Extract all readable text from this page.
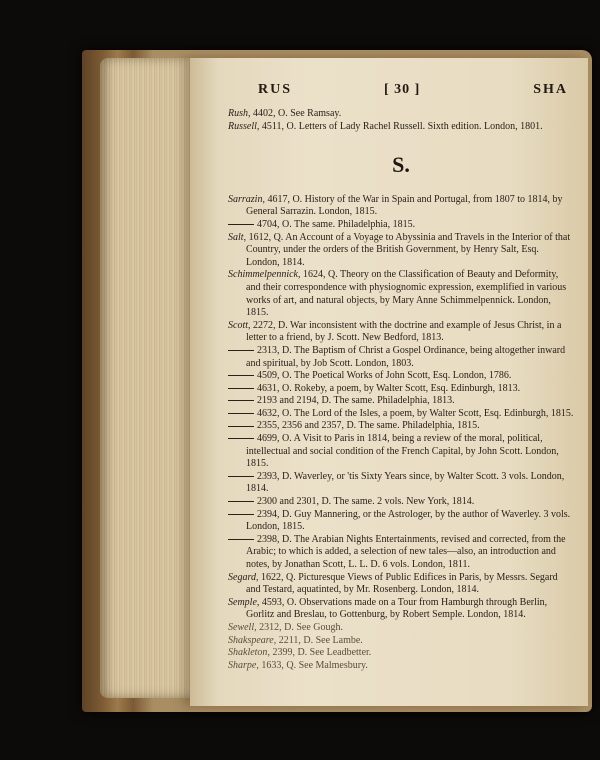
RUS	[ 30 ]	SHA

Rush, 4402, O. See Ramsay.

Russell, 4511, O. Letters of Lady Rachel Russell. Sixth edition. London, 1801.

S.

Sarrazin, 4617, O. History of the War in Spain and Portugal, from 1807 to 1814, by General Sarrazin. London, 1815.

4704, O. The same. Philadelphia, 1815.

Salt, 1612, Q. An Account of a Voyage to Abyssinia and Travels in the Interior of that Country, under the orders of the British Government, by Henry Salt, Esq. London, 1814.

Schimmelpennick, 1624, Q. Theory on the Classification of Beauty and Deformity, and their correspondence with physiognomic expression, exemplified in various works of art, and natural objects, by Mary Anne Schimmelpennick. London, 1815.

Scott, 2272, D. War inconsistent with the doctrine and example of Jesus Christ, in a letter to a friend, by J. Scott. New Bedford, 1813.

2313, D. The Baptism of Christ a Gospel Ordinance, being altogether inward and spiritual, by Job Scott. London, 1803.

4509, O. The Poetical Works of John Scott, Esq. London, 1786.

4631, O. Rokeby, a poem, by Walter Scott, Esq. Edinburgh, 1813.

2193 and 2194, D. The same. Philadelphia, 1813.

4632, O. The Lord of the Isles, a poem, by Walter Scott, Esq. Edinburgh, 1815.

2355, 2356 and 2357, D. The same. Philadelphia, 1815.

4699, O. A Visit to Paris in 1814, being a review of the moral, political, intellectual and social condition of the French Capital, by John Scott. London, 1815.

2393, D. Waverley, or 'tis Sixty Years since, by Walter Scott. 3 vols. London, 1814.

2300 and 2301, D. The same. 2 vols. New York, 1814.

2394, D. Guy Mannering, or the Astrologer, by the author of Waverley. 3 vols. London, 1815.

2398, D. The Arabian Nights Entertainments, revised and corrected, from the Arabic; to which is added, a selection of new tales—also, an introduction and notes, by Jonathan Scott, L. L. D. 6 vols. London, 1811.

Segard, 1622, Q. Picturesque Views of Public Edifices in Paris, by Messrs. Segard and Testard, aquatinted, by Mr. Rosenberg. London, 1814.

Semple, 4593, O. Observations made on a Tour from Hamburgh through Berlin, Gorlitz and Breslau, to Gottenburg, by Robert Semple. London, 1814.

Sewell, 2312, D. See Gough.

Shakspeare, 2211, D. See Lambe.

Shakleton, 2399, D. See Leadbetter.

Sharpe, 1633, Q. See Malmesbury.
